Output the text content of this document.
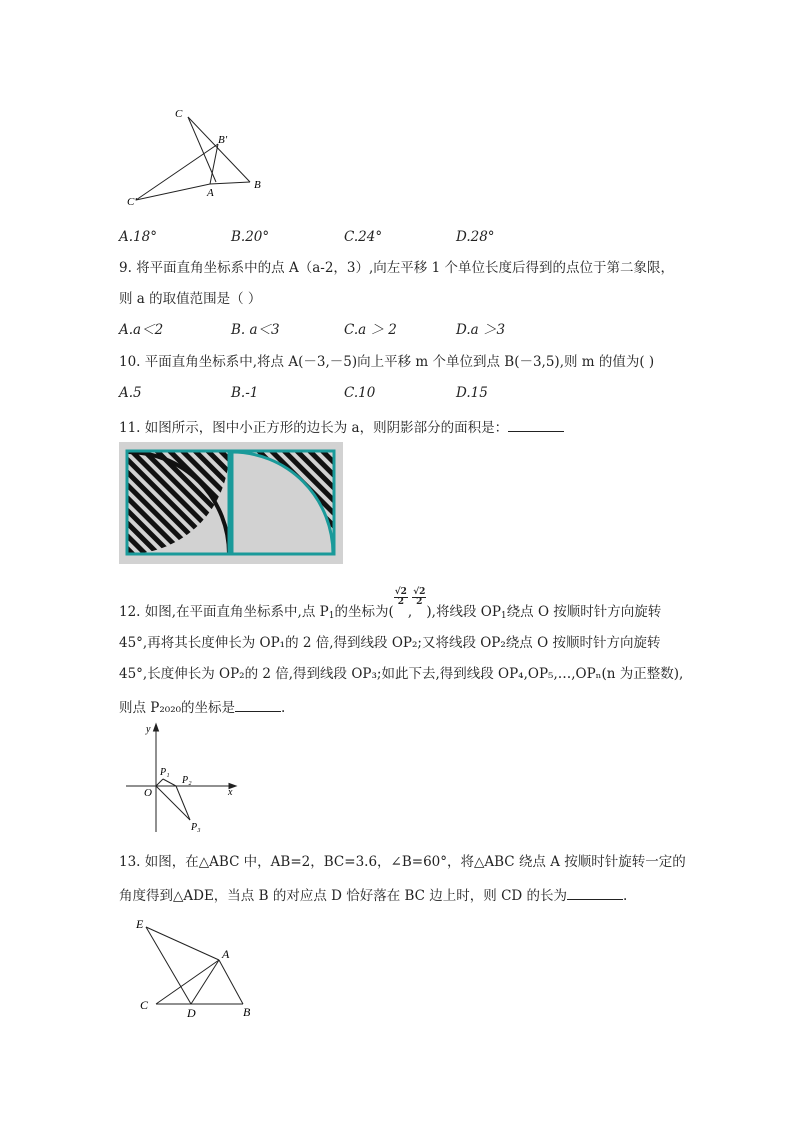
C
B′
B
A
C′
A.18°	B.20°	C.24°	D.28°
9. 将平面直角坐标系中的点 A（a-2，3）,向左平移 1 个单位长度后得到的点位于第二象限，
则 a 的取值范围是（ ）
A.a＜2	B. a＜3	C.a ＞ 2	D.a ＞3
10. 平面直角坐标系中,将点 A(－3,－5)向上平移 m 个单位到点 B(－3,5),则 m 的值为( )
A.5	B.-1	C.10	D.15
11. 如图所示，图中小正方形的边长为 a，则阴影部分的面积是：
12. 如图,在平面直角坐标系中,点 $P_1$的坐标为(
$\frac{√2}{2}$
,
$\frac{√2}{2}$
),将线段 $OP_1$绕点 O 按顺时针方向旋转
45°,再将其长度伸长为 OP₁的 2 倍,得到线段 OP₂;又将线段 OP₂绕点 O 按顺时针方向旋转
45°,长度伸长为 OP₂的 2 倍,得到线段 OP₃;如此下去,得到线段 OP₄,OP₅,…,OPₙ(n 为正整数),
则点 P₂₀₂₀的坐标是	.
y
x
O
P₁
P₂
P₃
13. 如图，在△ABC 中，AB=2，BC=3.6，∠B=60°，将△ABC 绕点 A 按顺时针旋转一定的
角度得到△ADE，当点 B 的对应点 D 恰好落在 BC 边上时，则 CD 的长为	.
E
A
C
D	B
